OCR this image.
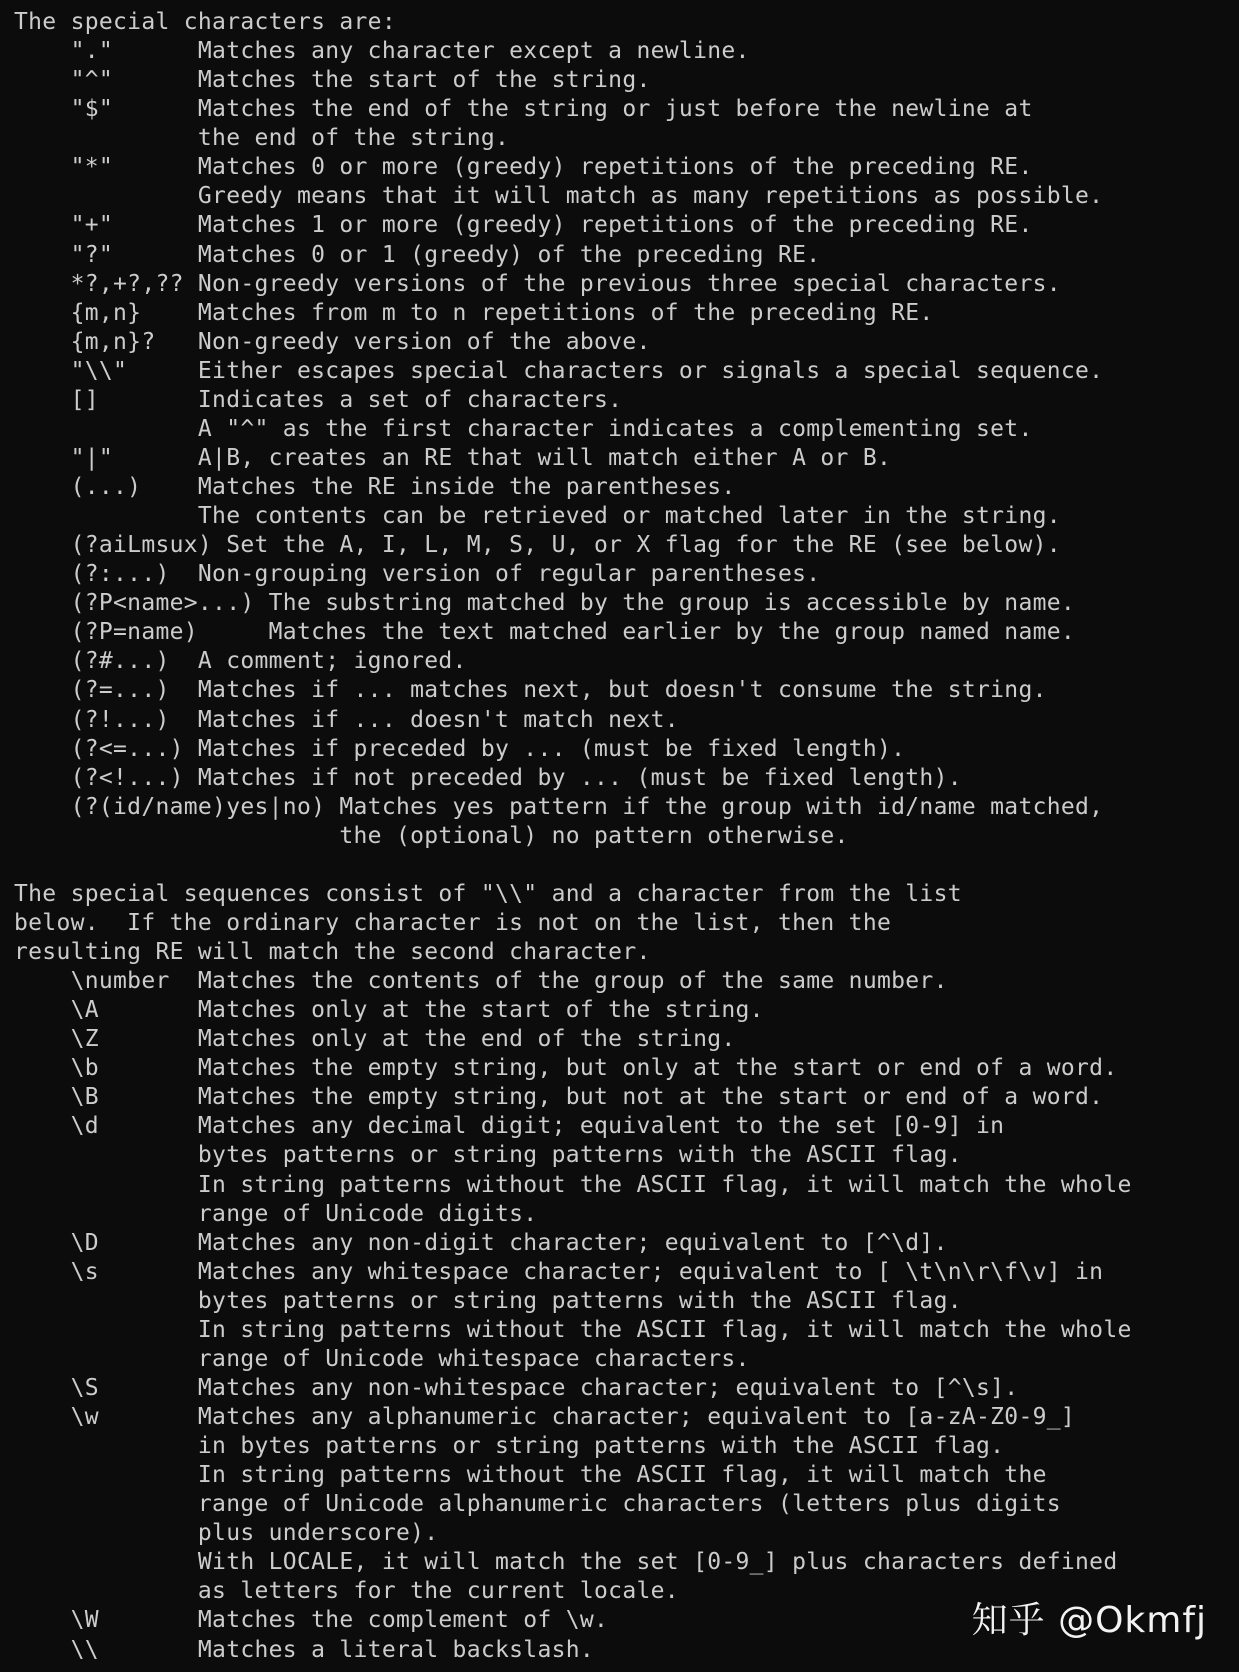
The special characters are:
"."      Matches any character except a newline.
"^"      Matches the start of the string.
"$"      Matches the end of the string or just before the newline at
the end of the string.
"*"      Matches 0 or more (greedy) repetitions of the preceding RE.
Greedy means that it will match as many repetitions as possible.
"+"      Matches 1 or more (greedy) repetitions of the preceding RE.
"?"      Matches 0 or 1 (greedy) of the preceding RE.
*?,+?,?? Non-greedy versions of the previous three special characters.
{m,n}    Matches from m to n repetitions of the preceding RE.
{m,n}?   Non-greedy version of the above.
"\\"     Either escapes special characters or signals a special sequence.
[]       Indicates a set of characters.
A "^" as the first character indicates a complementing set.
"|"      A|B, creates an RE that will match either A or B.
(...)    Matches the RE inside the parentheses.
The contents can be retrieved or matched later in the string.
(?aiLmsux) Set the A, I, L, M, S, U, or X flag for the RE (see below).
(?:...)  Non-grouping version of regular parentheses.
(?P<name>...) The substring matched by the group is accessible by name.
(?P=name)     Matches the text matched earlier by the group named name.
(?#...)  A comment; ignored.
(?=...)  Matches if ... matches next, but doesn't consume the string.
(?!...)  Matches if ... doesn't match next.
(?<=...) Matches if preceded by ... (must be fixed length).
(?<!...) Matches if not preceded by ... (must be fixed length).
(?(id/name)yes|no) Matches yes pattern if the group with id/name matched,
the (optional) no pattern otherwise.
The special sequences consist of "\\" and a character from the list
below.  If the ordinary character is not on the list, then the
resulting RE will match the second character.
\number  Matches the contents of the group of the same number.
\A       Matches only at the start of the string.
\Z       Matches only at the end of the string.
\b       Matches the empty string, but only at the start or end of a word.
\B       Matches the empty string, but not at the start or end of a word.
\d       Matches any decimal digit; equivalent to the set [0-9] in
bytes patterns or string patterns with the ASCII flag.
In string patterns without the ASCII flag, it will match the whole
range of Unicode digits.
\D       Matches any non-digit character; equivalent to [^\d].
\s       Matches any whitespace character; equivalent to [ \t\n\r\f\v] in
bytes patterns or string patterns with the ASCII flag.
In string patterns without the ASCII flag, it will match the whole
range of Unicode whitespace characters.
\S       Matches any non-whitespace character; equivalent to [^\s].
\w       Matches any alphanumeric character; equivalent to [a-zA-Z0-9_]
in bytes patterns or string patterns with the ASCII flag.
In string patterns without the ASCII flag, it will match the
range of Unicode alphanumeric characters (letters plus digits
plus underscore).
With LOCALE, it will match the set [0-9_] plus characters defined
as letters for the current locale.
\W       Matches the complement of \w.
\\       Matches a literal backslash.
知乎 @Okmfj
